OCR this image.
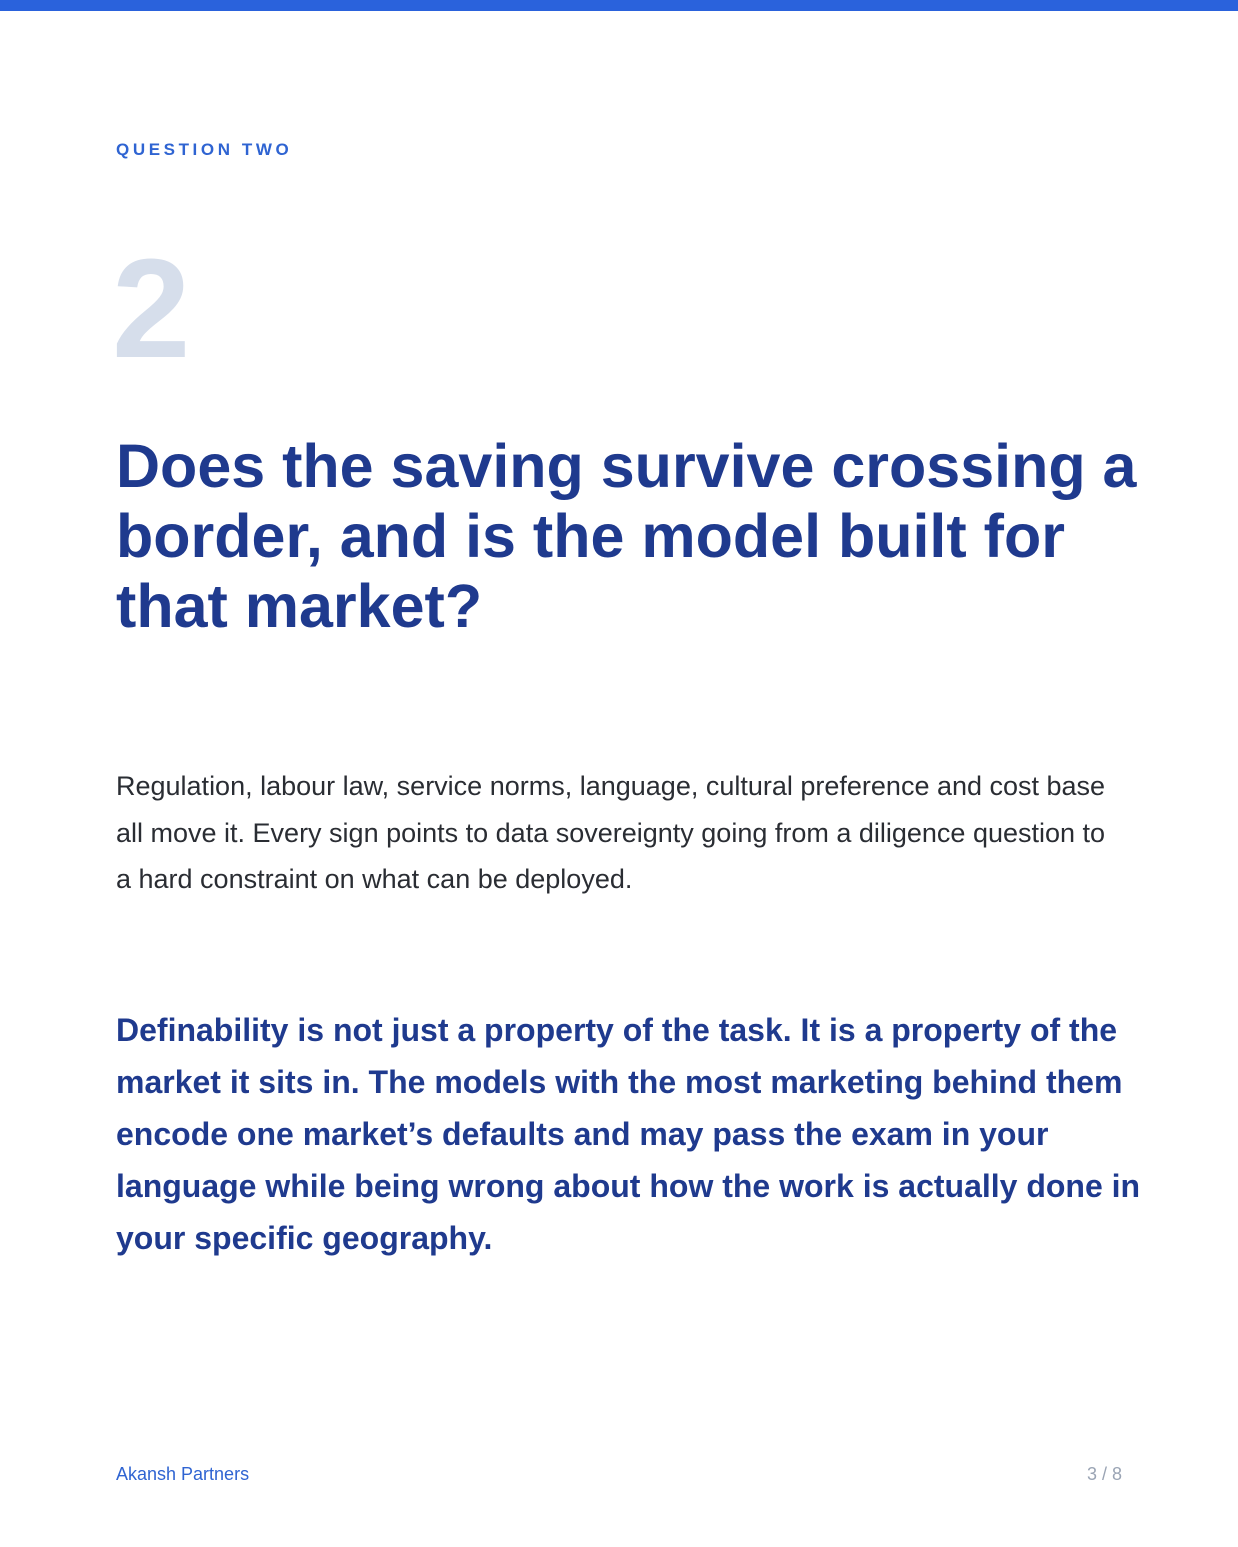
QUESTION TWO

2
Does the saving survive crossing a border, and is the model built for that market?

Regulation, labour law, service norms, language, cultural preference and cost base all move it. Every sign points to data sovereignty going from a diligence question to a hard constraint on what can be deployed.

Definability is not just a property of the task. It is a property of the market it sits in. The models with the most marketing behind them encode one market’s defaults and may pass the exam in your language while being wrong about how the work is actually done in your specific geography.

Akansh Partners	3 / 8
